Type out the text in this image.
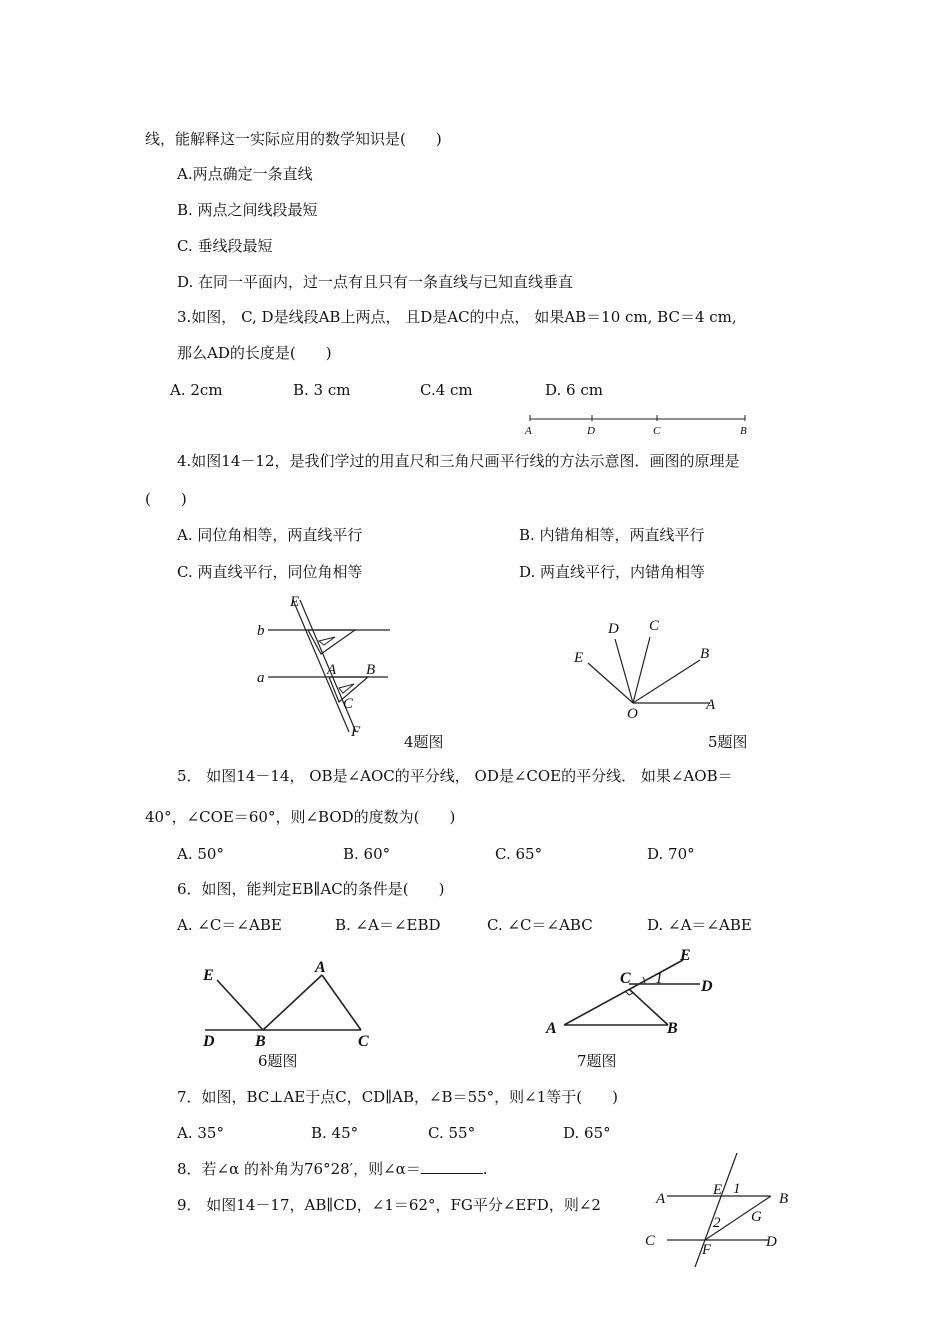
线，能解释这一实际应用的数学知识是(　　)
A.两点确定一条直线
B. 两点之间线段最短
C. 垂线段最短
D. 在同一平面内，过一点有且只有一条直线与已知直线垂直
3.如图， C, D是线段AB上两点， 且D是AC的中点， 如果AB＝10 cm, BC＝4 cm,
那么AD的长度是(　　)
A. 2cm	B. 3 cm	C.4 cm	D. 6 cm
A	D	C	B
4.如图14－12，是我们学过的用直尺和三角尺画平行线的方法示意图．画图的原理是
(　　)
A. 同位角相等，两直线平行	B. 内错角相等，两直线平行
C. 两直线平行，同位角相等	D. 两直线平行，内错角相等
E
b
a	A B
C
F
4题图
D C
E	B
O
A
5题图
5． 如图14－14， OB是∠AOC的平分线， OD是∠COE的平分线． 如果∠AOB＝
40°，∠COE＝60°，则∠BOD的度数为(　　)
A. 50°	B. 60°	C. 65°	D. 70°
6．如图，能判定EB∥AC的条件是(　　)
A. ∠C＝∠ABE	B. ∠A＝∠EBD	C. ∠C＝∠ABC	D. ∠A＝∠ABE
E	A
D	B	C
6题图
E
C 1 D
A	B
7题图
7．如图，BC⊥AE于点C，CD∥AB，∠B＝55°，则∠1等于(　　)
A. 35°	B. 45°	C. 55°	D. 65°
8．若∠α 的补角为76°28′，则∠α＝	.
9． 如图14－17，AB∥CD，∠1＝62°，FG平分∠EFD，则∠2	A
E 1
B
G
2
C
F	D
